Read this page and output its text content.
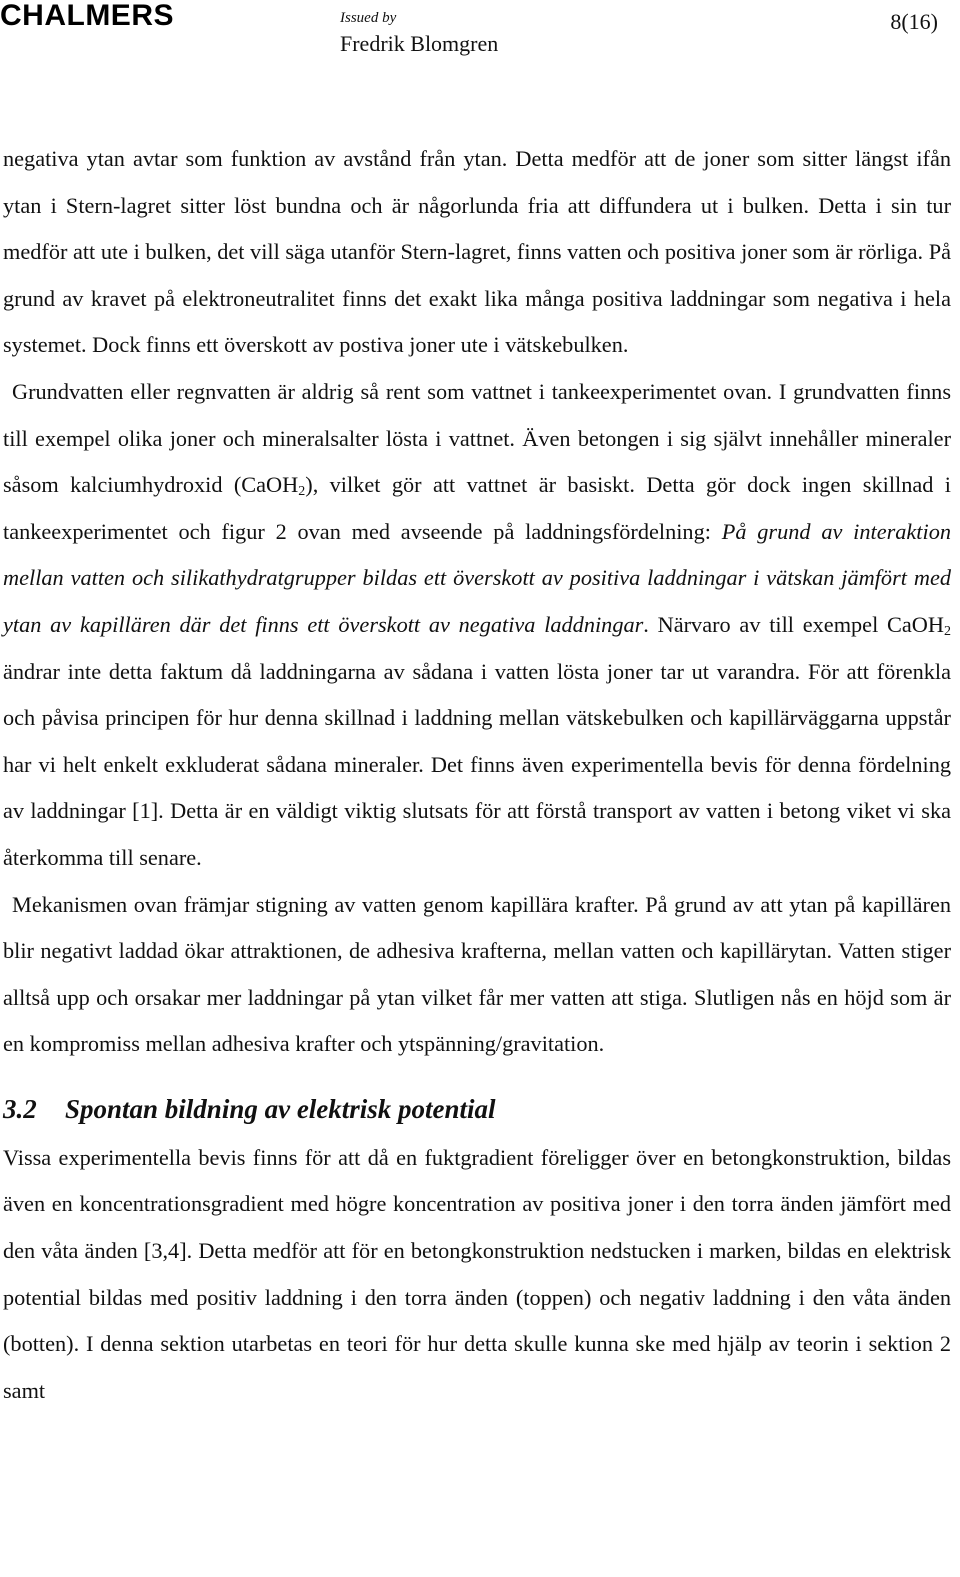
CHALMERS	Issued by
Fredrik Blomgren
8(16)

negativa ytan avtar som funktion av avstånd från ytan. Detta medför att de joner som sitter längst ifån ytan i Stern-lagret sitter löst bundna och är någorlunda fria att diffundera ut i bulken. Detta i sin tur medför att ute i bulken, det vill säga utanför Stern-lagret, finns vatten och positiva joner som är rörliga. På grund av kravet på elektroneutralitet finns det exakt lika många positiva laddningar som negativa i hela systemet. Dock finns ett överskott av postiva joner ute i vätskebulken.

Grundvatten eller regnvatten är aldrig så rent som vattnet i tankeexperimentet ovan. I grundvatten finns till exempel olika joner och mineralsalter lösta i vattnet. Även betongen i sig självt innehåller mineraler såsom kalciumhydroxid (CaOH$_2$), vilket gör att vattnet är basiskt. Detta gör dock ingen skillnad i tankeexperimentet och figur 2 ovan med avseende på laddningsfördelning: På grund av interaktion mellan vatten och silikathydratgrupper bildas ett överskott av positiva laddningar i vätskan jämfört med ytan av kapillären där det finns ett överskott av negativa laddningar. Närvaro av till exempel CaOH$_2$ ändrar inte detta faktum då laddningarna av sådana i vatten lösta joner tar ut varandra. För att förenkla och påvisa principen för hur denna skillnad i laddning mellan vätskebulken och kapillärväggarna uppstår har vi helt enkelt exkluderat sådana mineraler. Det finns även experimentella bevis för denna fördelning av laddningar [1]. Detta är en väldigt viktig slutsats för att förstå transport av vatten i betong viket vi ska återkomma till senare.

Mekanismen ovan främjar stigning av vatten genom kapillära krafter. På grund av att ytan på kapillären blir negativt laddad ökar attraktionen, de adhesiva krafterna, mellan vatten och kapillärytan. Vatten stiger alltså upp och orsakar mer laddningar på ytan vilket får mer vatten att stiga. Slutligen nås en höjd som är en kompromiss mellan adhesiva krafter och ytspänning/gravitation.

3.2 Spontan bildning av elektrisk potential

Vissa experimentella bevis finns för att då en fuktgradient föreligger över en betongkonstruktion, bildas även en koncentrationsgradient med högre koncentration av positiva joner i den torra änden jämfört med den våta änden [3,4]. Detta medför att för en betongkonstruktion nedstucken i marken, bildas en elektrisk potential bildas med positiv laddning i den torra änden (toppen) och negativ laddning i den våta änden (botten). I denna sektion utarbetas en teori för hur detta skulle kunna ske med hjälp av teorin i sektion 2 samt
